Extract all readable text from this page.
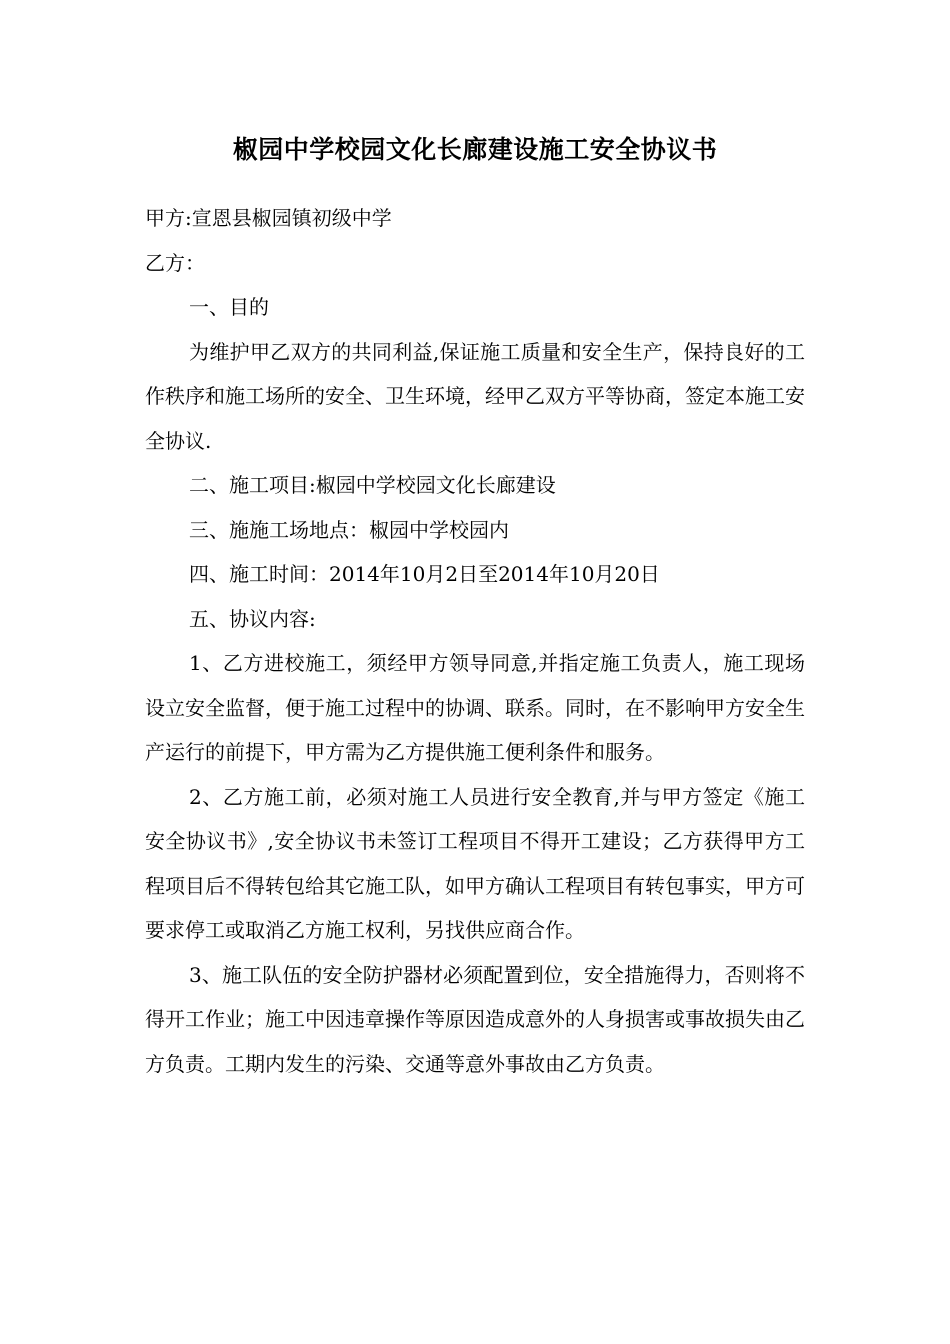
椒园中学校园文化长廊建设施工安全协议书

甲方:宣恩县椒园镇初级中学

乙方：

一、目的

为维护甲乙双方的共同利益,保证施工质量和安全生产，保持良好的工作秩序和施工场所的安全、卫生环境，经甲乙双方平等协商，签定本施工安全协议.

二、施工项目:椒园中学校园文化长廊建设

三、施施工场地点：椒园中学校园内

四、施工时间：2014年10月2日至2014年10月20日

五、协议内容:

1、乙方进校施工，须经甲方领导同意,并指定施工负责人，施工现场设立安全监督，便于施工过程中的协调、联系。同时，在不影响甲方安全生产运行的前提下，甲方需为乙方提供施工便利条件和服务。

2、乙方施工前，必须对施工人员进行安全教育,并与甲方签定《施工安全协议书》,安全协议书未签订工程项目不得开工建设；乙方获得甲方工程项目后不得转包给其它施工队，如甲方确认工程项目有转包事实，甲方可要求停工或取消乙方施工权利，另找供应商合作。

3、施工队伍的安全防护器材必须配置到位，安全措施得力，否则将不得开工作业；施工中因违章操作等原因造成意外的人身损害或事故损失由乙方负责。工期内发生的污染、交通等意外事故由乙方负责。
